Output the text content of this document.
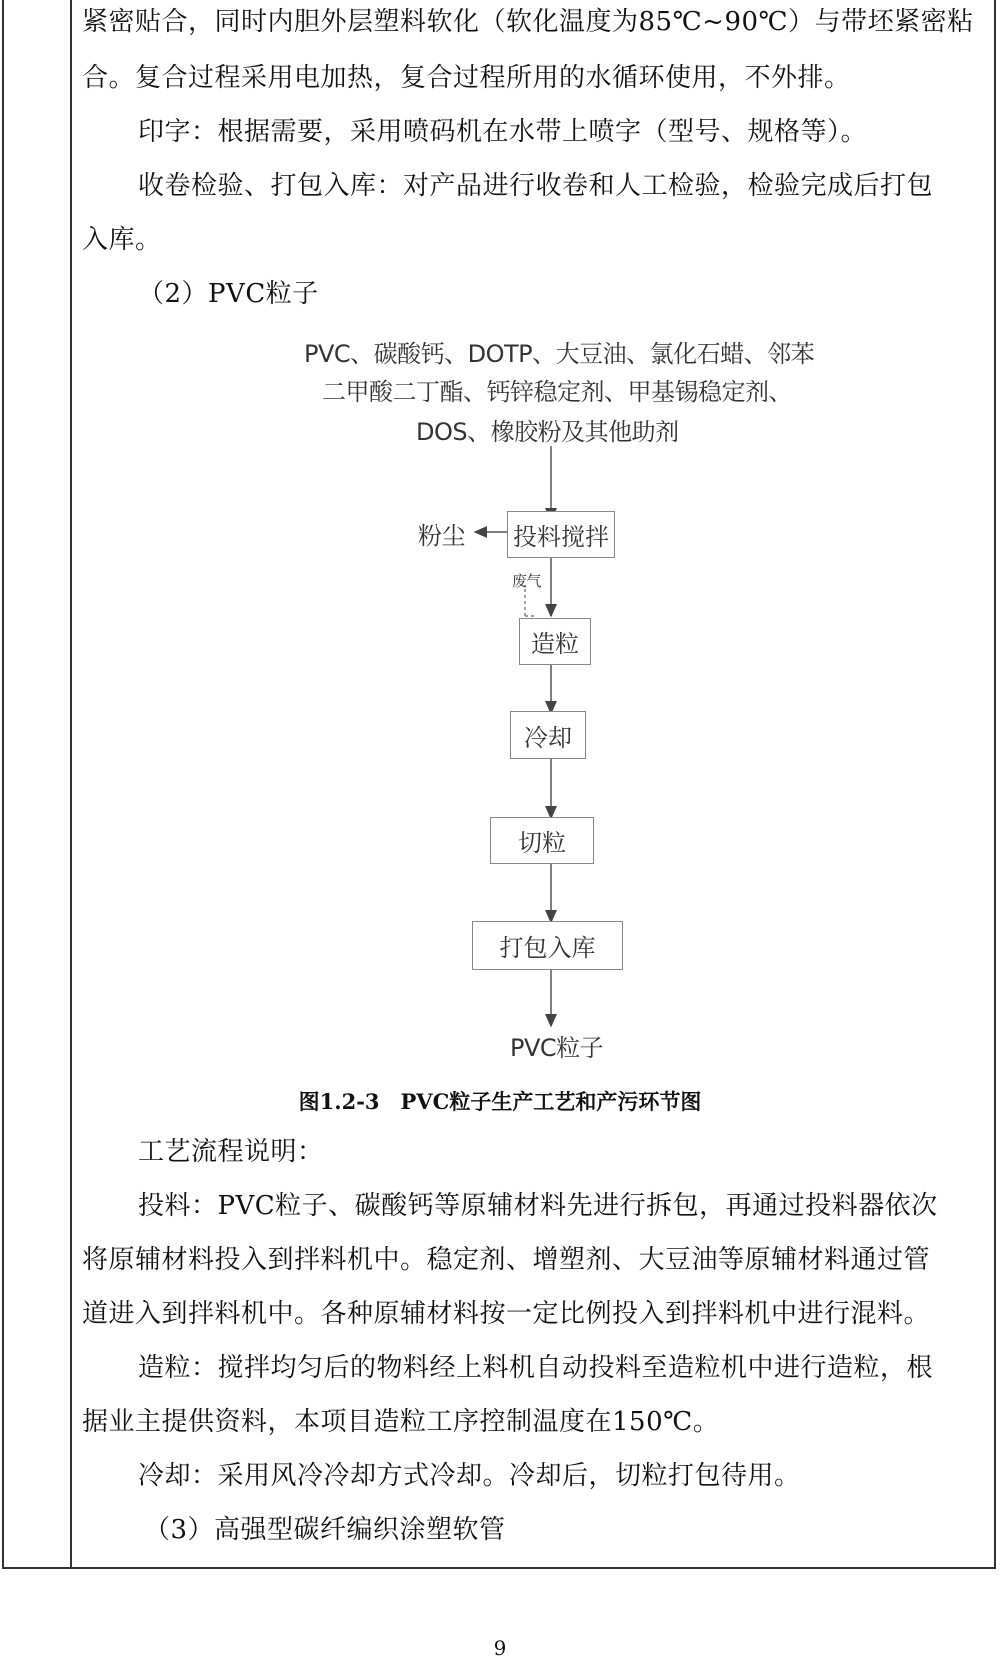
紧密贴合，同时内胆外层塑料软化（软化温度为85℃~90℃）与带坯紧密粘
合。复合过程采用电加热，复合过程所用的水循环使用，不外排。
印字：根据需要，采用喷码机在水带上喷字（型号、规格等）。
收卷检验、打包入库：对产品进行收卷和人工检验，检验完成后打包
入库。
（2）PVC粒子
PVC、碳酸钙、DOTP、大豆油、氯化石蜡、邻苯
二甲酸二丁酯、钙锌稳定剂、甲基锡稳定剂、
DOS、橡胶粉及其他助剂
投料搅拌
粉尘
废气
造粒
冷却
切粒
打包入库
PVC粒子
图1.2-3　PVC粒子生产工艺和产污环节图
工艺流程说明：
投料：PVC粒子、碳酸钙等原辅材料先进行拆包，再通过投料器依次
将原辅材料投入到拌料机中。稳定剂、增塑剂、大豆油等原辅材料通过管
道进入到拌料机中。各种原辅材料按一定比例投入到拌料机中进行混料。
造粒：搅拌均匀后的物料经上料机自动投料至造粒机中进行造粒，根
据业主提供资料，本项目造粒工序控制温度在150℃。
冷却：采用风冷冷却方式冷却。冷却后，切粒打包待用。
（3）高强型碳纤编织涂塑软管
9
